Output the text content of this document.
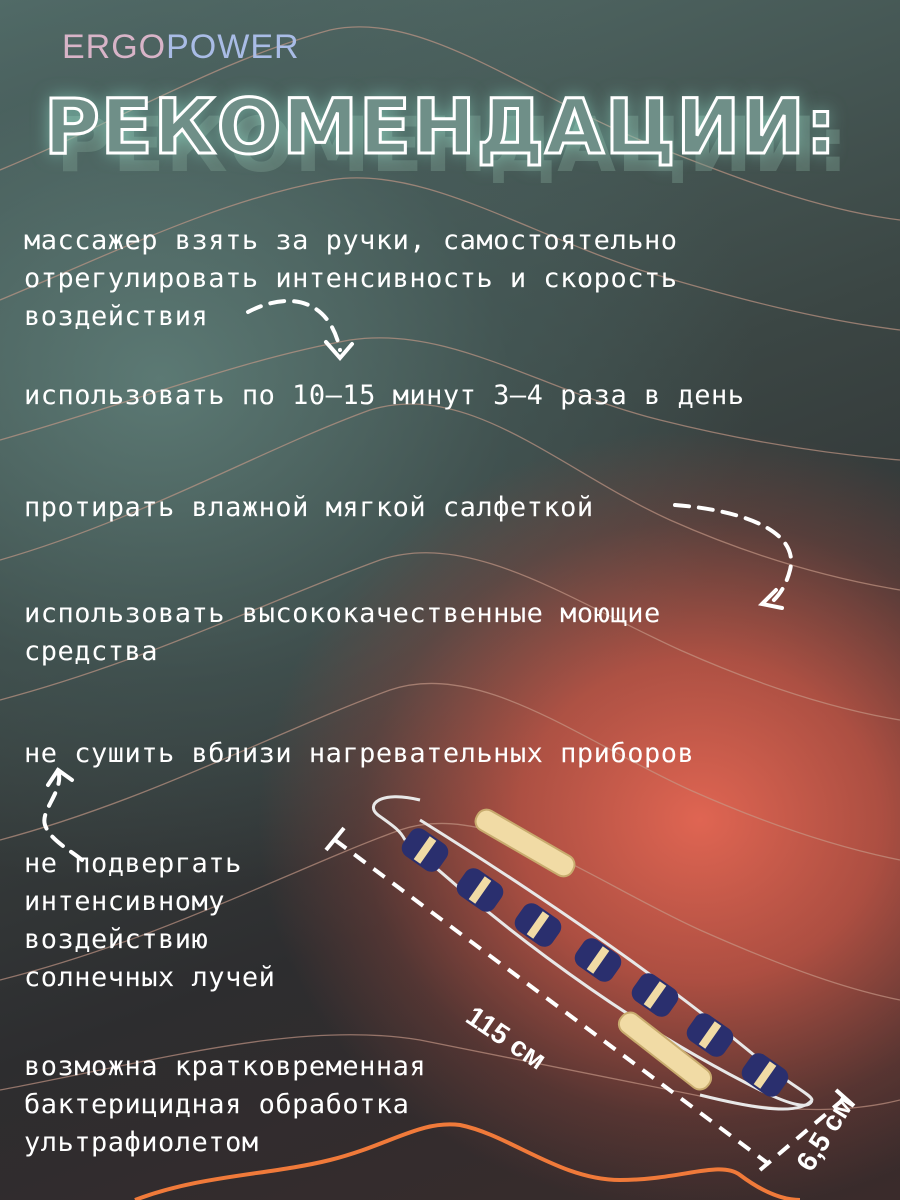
ERGOPOWER
РЕКОМЕНДАЦИИ:
массажер взять за ручки, самостоятельно
отрегулировать интенсивность и скорость
воздействия
использовать по 10–15 минут 3–4 раза в день
протирать влажной мягкой салфеткой
использовать высококачественные моющие
средства
не сушить вблизи нагревательных приборов
не подвергать
интенсивному
воздействию
солнечных лучей
возможна кратковременная
бактерицидная обработка
ультрафиолетом
115 см
6,5 см
